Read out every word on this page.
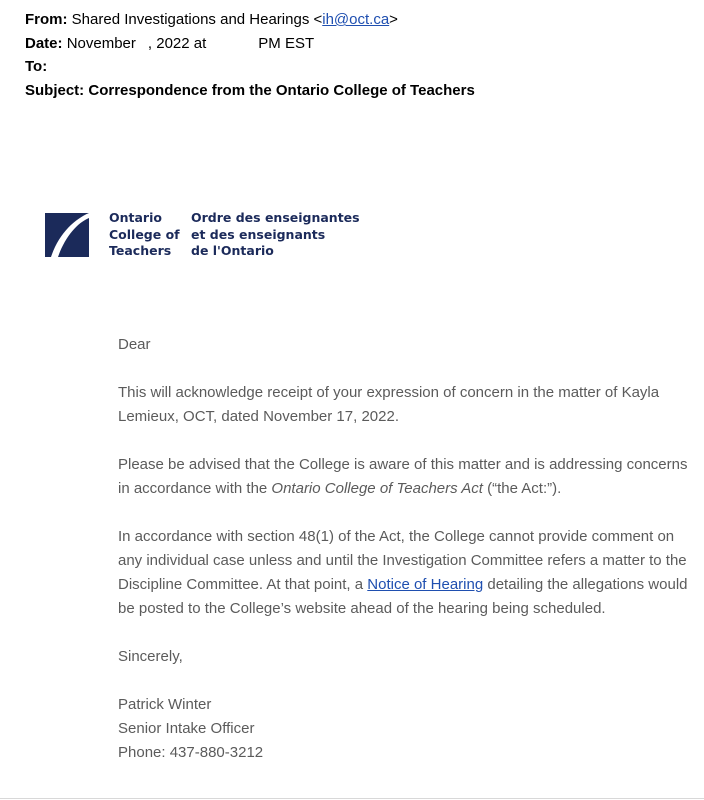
From: Shared Investigations and Hearings <ih@oct.ca>
Date: November , 2022 at	PM EST
To:
Subject: Correspondence from the Ontario College of Teachers
Ontario
College of
Teachers
Ordre des enseignantes
et des enseignants
de l'Ontario

Dear

This will acknowledge receipt of your expression of concern in the matter of Kayla Lemieux, OCT, dated November 17, 2022.

Please be advised that the College is aware of this matter and is addressing concerns in accordance with the Ontario College of Teachers Act (“the Act:”).

In accordance with section 48(1) of the Act, the College cannot provide comment on any individual case unless and until the Investigation Committee refers a matter to the Discipline Committee. At that point, a Notice of Hearing detailing the allegations would be posted to the College’s website ahead of the hearing being scheduled.

Sincerely,

Patrick Winter
Senior Intake Officer
Phone: 437-880-3212
